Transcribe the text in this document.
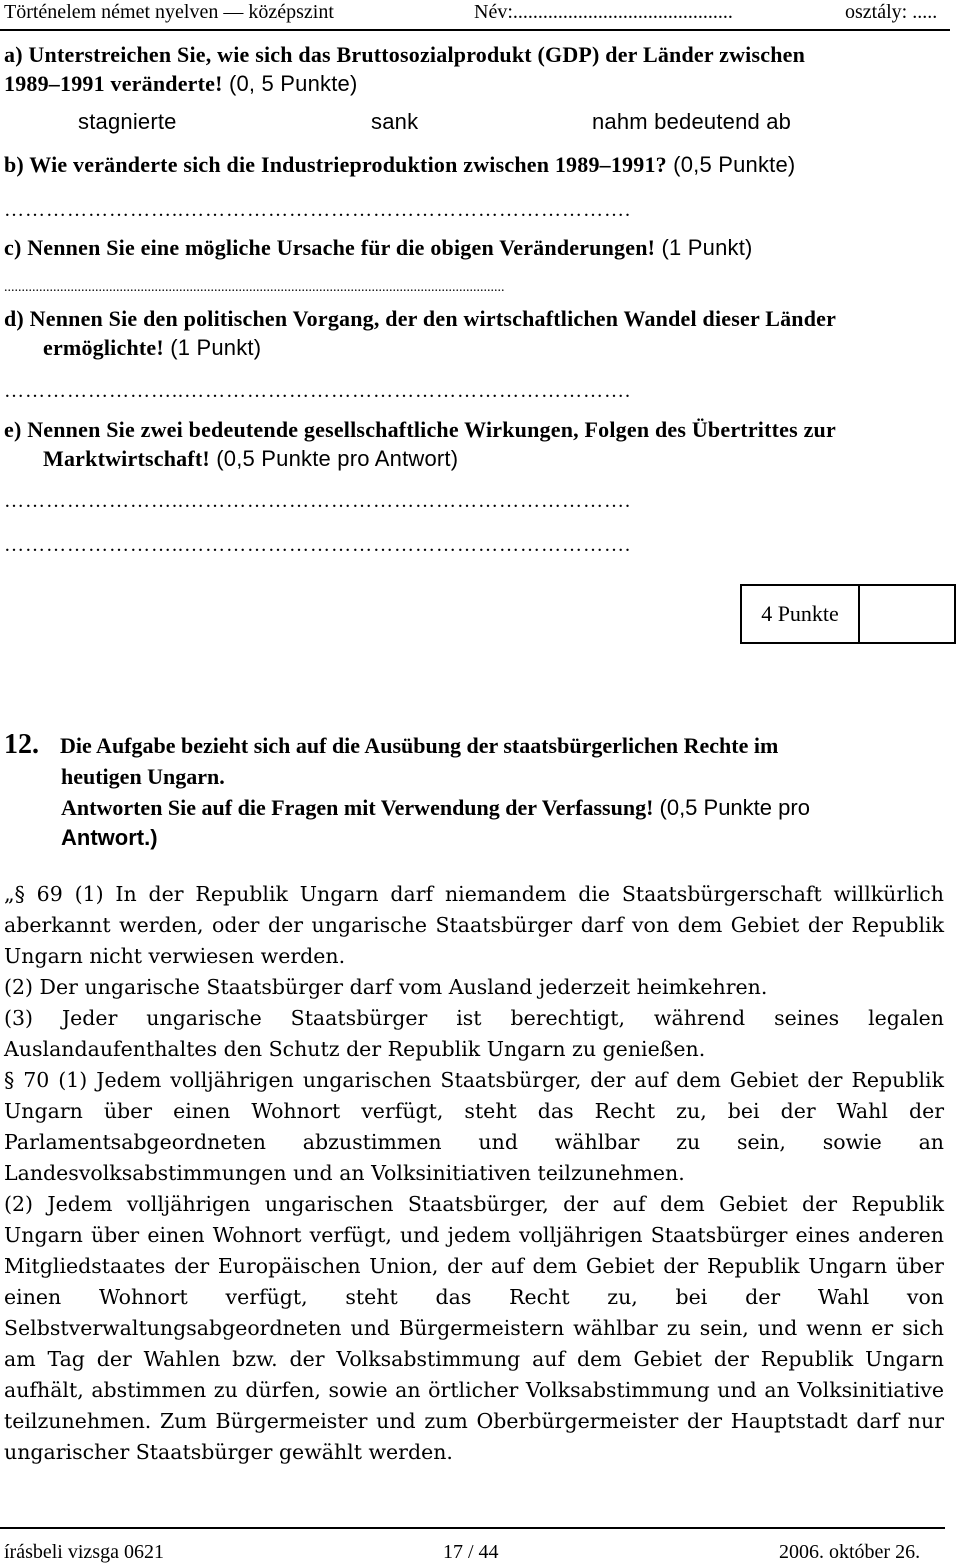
Történelem német nyelven — középszint	Név:............................................	osztály: .....
a) Unterstreichen Sie, wie sich das Bruttosozialprodukt (GDP) der Länder zwischen
1989–1991 veränderte! (0, 5 Punkte)
stagnierte	sank	nahm bedeutend ab
b) Wie veränderte sich die Industrieproduktion zwischen 1989–1991? (0,5 Punkte)
……………………..……………………………………………………….
c) Nennen Sie eine mögliche Ursache für die obigen Veränderungen! (1 Punkt)
...............................................................................................................................................
d) Nennen Sie den politischen Vorgang, der den wirtschaftlichen Wandel dieser Länder
ermöglichte! (1 Punkt)
……………………..……………………………………………………….
e) Nennen Sie zwei bedeutende gesellschaftliche Wirkungen, Folgen des Übertrittes zur
Marktwirtschaft! (0,5 Punkte pro Antwort)
……………………..……………………………………………………….
……………………..……………………………………………………….
4 Punkte
12. Die Aufgabe bezieht sich auf die Ausübung der staatsbürgerlichen Rechte im
heutigen Ungarn.
Antworten Sie auf die Fragen mit Verwendung der Verfassung! (0,5 Punkte pro
Antwort.)

„§ 69 (1) In der Republik Ungarn darf niemandem die Staatsbürgerschaft willkürlich aberkannt werden, oder der ungarische Staatsbürger darf von dem Gebiet der Republik Ungarn nicht verwiesen werden.

(2) Der ungarische Staatsbürger darf vom Ausland jederzeit heimkehren.

(3) Jeder ungarische Staatsbürger ist berechtigt, während seines legalen Auslandaufenthaltes den Schutz der Republik Ungarn zu genießen.

§ 70 (1) Jedem volljährigen ungarischen Staatsbürger, der auf dem Gebiet der Republik Ungarn über einen Wohnort verfügt, steht das Recht zu, bei der Wahl der Parlamentsabgeordneten abzustimmen und wählbar zu sein, sowie an Landesvolksabstimmungen und an Volksinitiativen teilzunehmen.

(2) Jedem volljährigen ungarischen Staatsbürger, der auf dem Gebiet der Republik Ungarn über einen Wohnort verfügt, und jedem volljährigen Staatsbürger eines anderen Mitgliedstaates der Europäischen Union, der auf dem Gebiet der Republik Ungarn über einen Wohnort verfügt, steht das Recht zu, bei der Wahl von Selbstverwaltungsabgeordneten und Bürgermeistern wählbar zu sein, und wenn er sich am Tag der Wahlen bzw. der Volksabstimmung auf dem Gebiet der Republik Ungarn aufhält, abstimmen zu dürfen, sowie an örtlicher Volksabstimmung und an Volksinitiative teilzunehmen. Zum Bürgermeister und zum Oberbürgermeister der Hauptstadt darf nur ungarischer Staatsbürger gewählt werden.

írásbeli vizsga 0621	17 / 44	2006. október 26.
